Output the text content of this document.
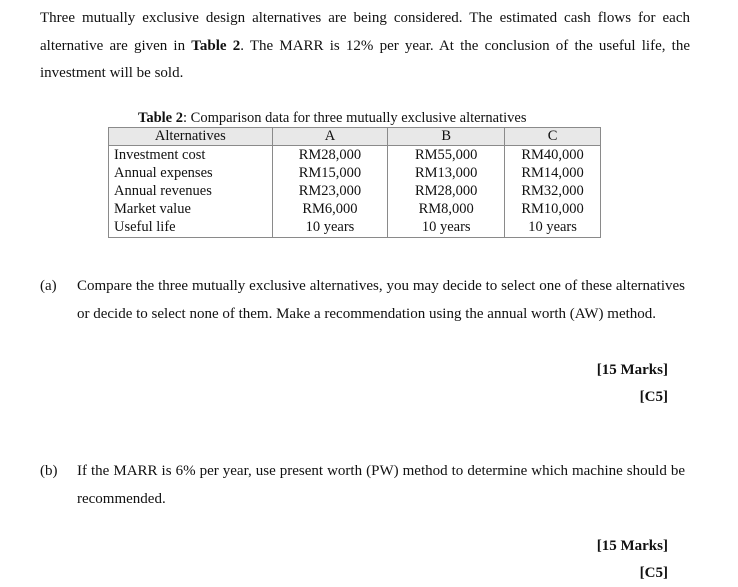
Three mutually exclusive design alternatives are being considered. The estimated cash flows for each alternative are given in Table 2. The MARR is 12% per year. At the conclusion of the useful life, the investment will be sold.

Table 2: Comparison data for three mutually exclusive alternatives
Alternatives	A	B	C
Investment cost	RM28,000	RM55,000	RM40,000
Annual expenses	RM15,000	RM13,000	RM14,000
Annual revenues	RM23,000	RM28,000	RM32,000
Market value	RM6,000	RM8,000	RM10,000
Useful life	10 years	10 years	10 years
(a) Compare the three mutually exclusive alternatives, you may decide to select one of these alternatives or decide to select none of them. Make a recommendation using the annual worth (AW) method.
[15 Marks]
[C5]
(b) If the MARR is 6% per year, use present worth (PW) method to determine which machine should be recommended.
[15 Marks]
[C5]
